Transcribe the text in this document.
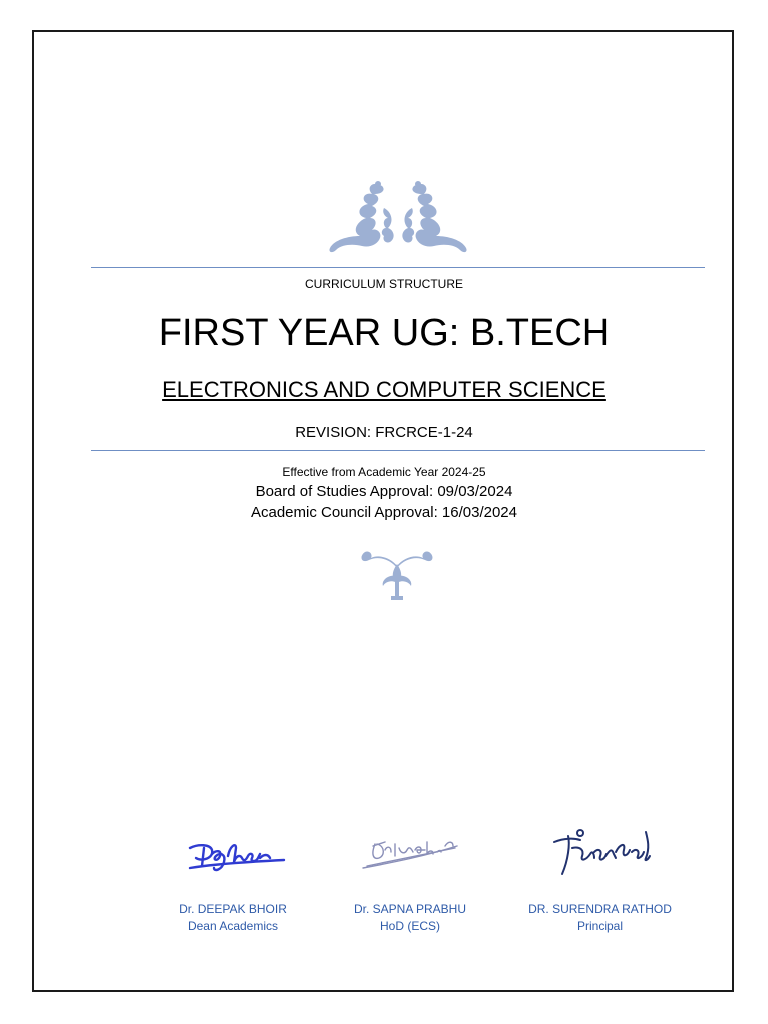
CURRICULUM STRUCTURE
FIRST YEAR UG: B.TECH
ELECTRONICS AND COMPUTER SCIENCE
REVISION: FRCRCE-1-24
Effective from Academic Year 2024-25
Board of Studies Approval: 09/03/2024
Academic Council Approval: 16/03/2024
Dr. DEEPAK BHOIR
Dean Academics
Dr. SAPNA PRABHU
HoD (ECS)
DR. SURENDRA RATHOD
Principal
